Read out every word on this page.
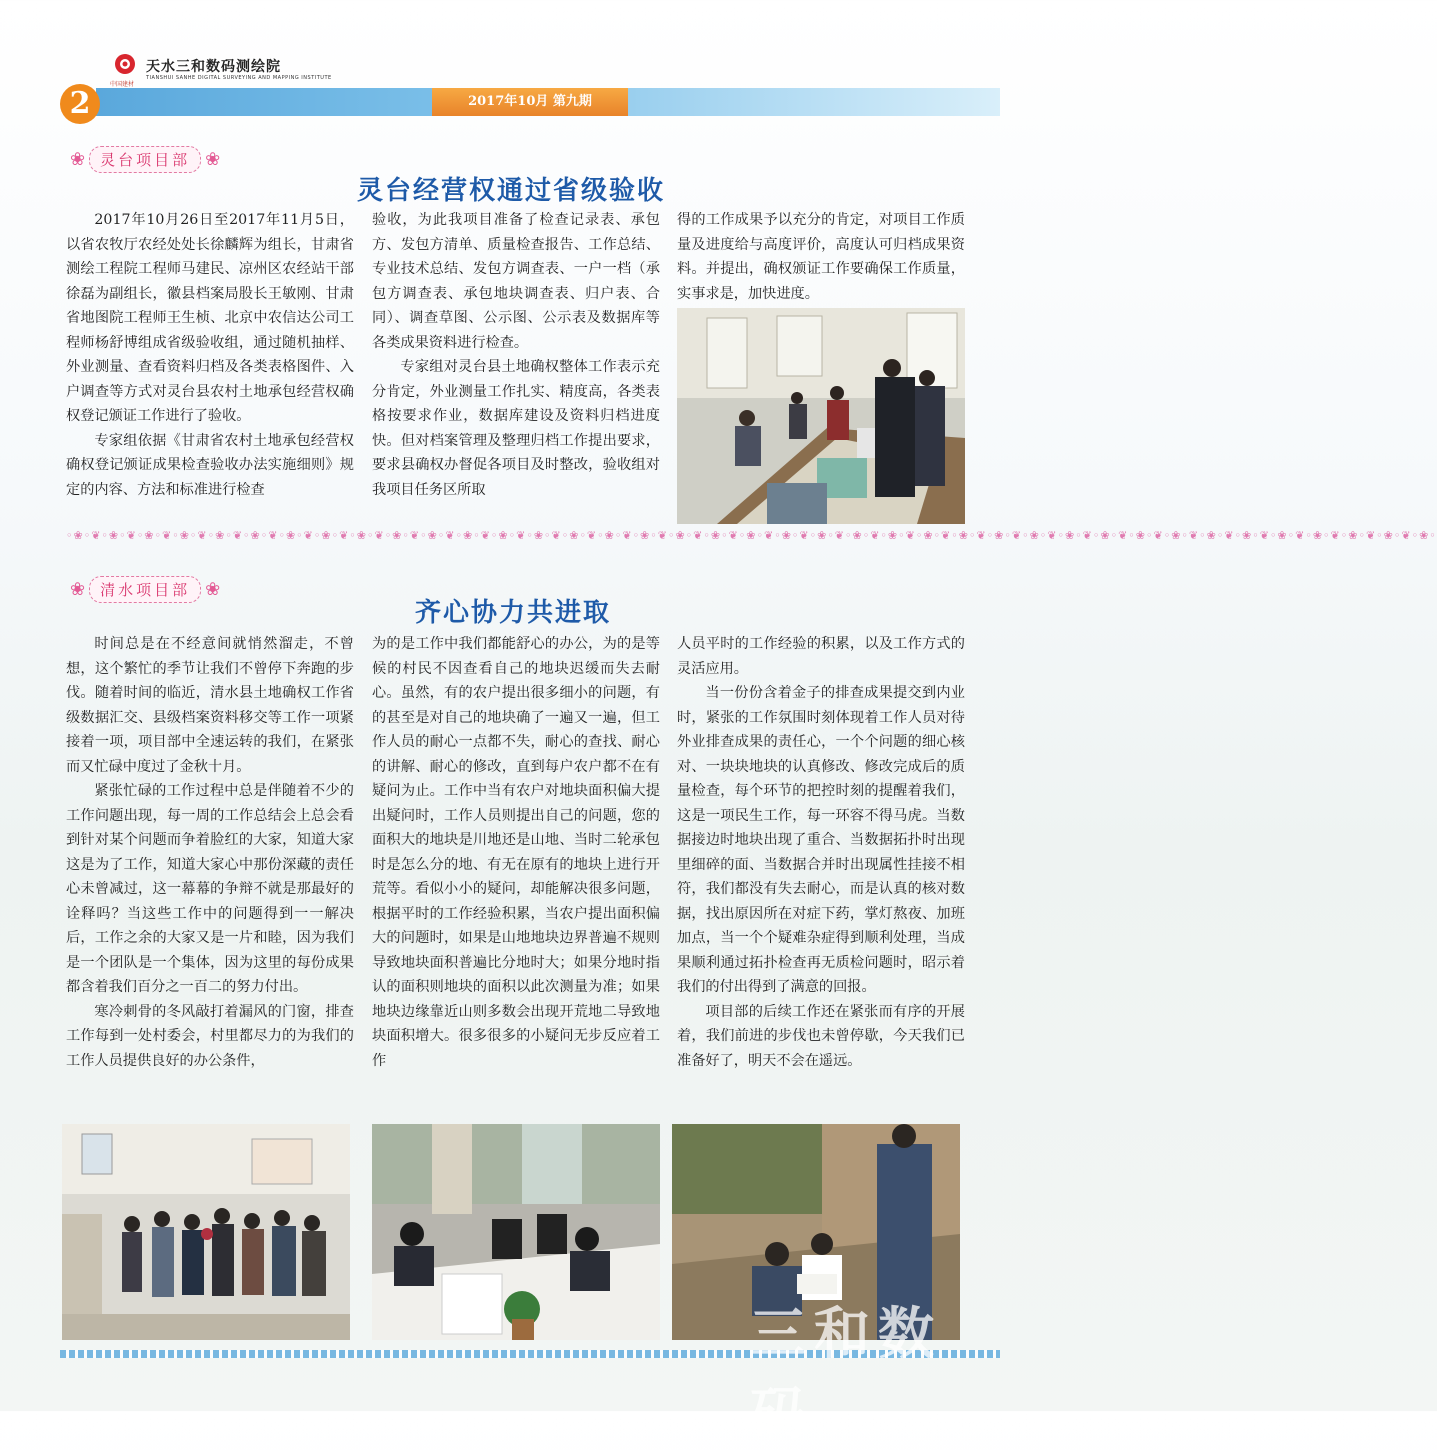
中国建材
天水三和数码测绘院
TIANSHUI SANHE DIGITAL SURVEYING AND MAPPING INSTITUTE
2	2017年10月 第九期
❀	灵台项目部 ❀
灵台经营权通过省级验收

2017年10月26日至2017年11月5日，以省农牧厅农经处处长徐麟辉为组长，甘肃省测绘工程院工程师马建民、凉州区农经站干部徐磊为副组长，徽县档案局股长王敏刚、甘肃省地图院工程师王生桢、北京中农信达公司工程师杨舒博组成省级验收组，通过随机抽样、外业测量、查看资料归档及各类表格图件、入户调查等方式对灵台县农村土地承包经营权确权登记颁证工作进行了验收。

专家组依据《甘肃省农村土地承包经营权确权登记颁证成果检查验收办法实施细则》规定的内容、方法和标准进行检查

验收，为此我项目准备了检查记录表、承包方、发包方清单、质量检查报告、工作总结、专业技术总结、发包方调查表、一户一档（承包方调查表、承包地块调查表、归户表、合同）、调查草图、公示图、公示表及数据库等各类成果资料进行检查。

专家组对灵台县土地确权整体工作表示充分肯定，外业测量工作扎实、精度高，各类表格按要求作业，数据库建设及资料归档进度快。但对档案管理及整理归档工作提出要求，要求县确权办督促各项目及时整改，验收组对我项目任务区所取

得的工作成果予以充分的肯定，对项目工作质量及进度给与高度评价，高度认可归档成果资料。并提出，确权颁证工作要确保工作质量，实事求是，加快进度。

◦❀◦❦◦❀◦❦◦❀◦❦◦❀◦❦◦❀◦❦◦❀◦❦◦❀◦❦◦❀◦❦◦❀◦❦◦❀◦❦◦❀◦❦◦❀◦❦◦❀◦❦◦❀◦❦◦❀◦❦◦❀◦❦◦❀◦❦◦❀◦❦◦❀◦❦◦❀◦❦◦❀◦❦◦❀◦❦◦❀◦❦◦❀◦❦◦❀◦❦◦❀◦❦◦❀◦❦◦❀◦❦◦❀◦❦◦❀◦❦◦❀◦❦◦❀◦❦◦❀◦❦◦❀◦❦◦❀◦❦◦❀◦❦◦❀◦❦◦❀◦❦◦❀◦
❀	清水项目部 ❀
齐心协力共进取

时间总是在不经意间就悄然溜走，不曾想，这个繁忙的季节让我们不曾停下奔跑的步伐。随着时间的临近，清水县土地确权工作省级数据汇交、县级档案资料移交等工作一项紧接着一项，项目部中全速运转的我们，在紧张而又忙碌中度过了金秋十月。

紧张忙碌的工作过程中总是伴随着不少的工作问题出现，每一周的工作总结会上总会看到针对某个问题而争着脸红的大家，知道大家这是为了工作，知道大家心中那份深藏的责任心未曾减过，这一幕幕的争辩不就是那最好的诠释吗？当这些工作中的问题得到一一解决后，工作之余的大家又是一片和睦，因为我们是一个团队是一个集体，因为这里的每份成果都含着我们百分之一百二的努力付出。

寒冷刺骨的冬风敲打着漏风的门窗，排查工作每到一处村委会，村里都尽力的为我们的工作人员提供良好的办公条件，

为的是工作中我们都能舒心的办公，为的是等候的村民不因查看自己的地块迟缓而失去耐心。虽然，有的农户提出很多细小的问题，有的甚至是对自己的地块确了一遍又一遍，但工作人员的耐心一点都不失，耐心的查找、耐心的讲解、耐心的修改，直到每户农户都不在有疑问为止。工作中当有农户对地块面积偏大提出疑问时，工作人员则提出自己的问题，您的面积大的地块是川地还是山地、当时二轮承包时是怎么分的地、有无在原有的地块上进行开荒等。看似小小的疑问，却能解决很多问题，根据平时的工作经验积累，当农户提出面积偏大的问题时，如果是山地地块边界普遍不规则导致地块面积普遍比分地时大；如果分地时指认的面积则地块的面积以此次测量为准；如果地块边缘靠近山则多数会出现开荒地二导致地块面积增大。很多很多的小疑问无步反应着工作

人员平时的工作经验的积累，以及工作方式的灵活应用。

当一份份含着金子的排查成果提交到内业时，紧张的工作氛围时刻体现着工作人员对待外业排查成果的责任心，一个个问题的细心核对、一块块地块的认真修改、修改完成后的质量检查，每个环节的把控时刻的提醒着我们，这是一项民生工作，每一环容不得马虎。当数据接边时地块出现了重合、当数据拓扑时出现里细碎的面、当数据合并时出现属性挂接不相符，我们都没有失去耐心，而是认真的核对数据，找出原因所在对症下药，掌灯熬夜、加班加点，当一个个疑难杂症得到顺利处理，当成果顺利通过拓扑检查再无质检问题时，昭示着我们的付出得到了满意的回报。

项目部的后续工作还在紧张而有序的开展着，我们前进的步伐也未曾停歇，今天我们已准备好了，明天不会在遥远。

三和数码
